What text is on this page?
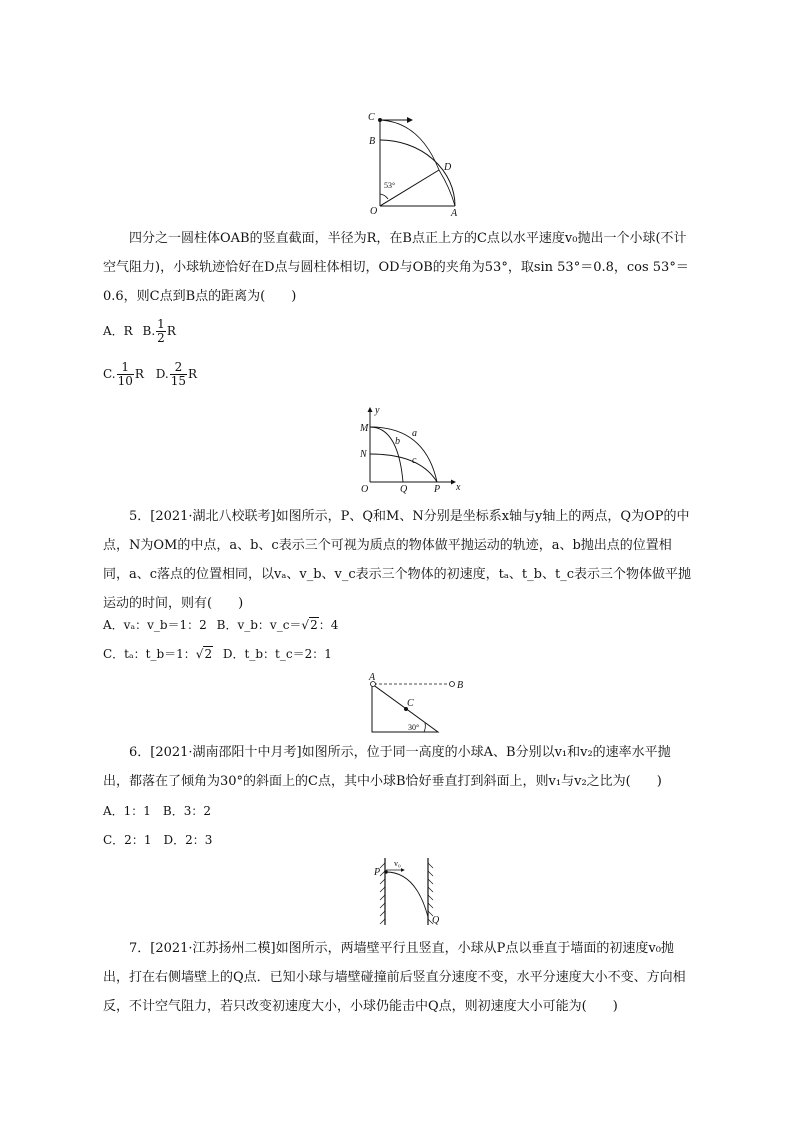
C
B
D
O	A
53°

四分之一圆柱体OAB的竖直截面，半径为R，在B点正上方的C点以水平速度v₀抛出一个小球(不计空气阻力)，小球轨迹恰好在D点与圆柱体相切，OD与OB的夹角为53°，取sin 53°＝0.8，cos 53°＝0.6，则C点到B点的距离为(　　)

A．R B. $\frac{1}{2}$ R
C. $\frac{1}{10}$ R D. $\frac{2}{15}$ R
y
x
M
N
O	Q	P
a
b
c

5．[2021·湖北八校联考]如图所示，P、Q和M、N分别是坐标系x轴与y轴上的两点，Q为OP的中点，N为OM的中点，a、b、c表示三个可视为质点的物体做平抛运动的轨迹，a、b抛出点的位置相同，a、c落点的位置相同，以vₐ、v_b、v_c表示三个物体的初速度，tₐ、t_b、t_c表示三个物体做平抛运动的时间，则有(　　)

A．vₐ：v_b＝1：2 B．v_b：v_c＝√2：4
C．tₐ：t_b＝1：√2 D．t_b：t_c＝2：1
A
B
C
30°

6．[2021·湖南邵阳十中月考]如图所示，位于同一高度的小球A、B分别以v₁和v₂的速率水平抛出，都落在了倾角为30°的斜面上的C点，其中小球B恰好垂直打到斜面上，则v₁与v₂之比为(　　)

A．1：1　B．3：2
C．2：1　D．2：3
P
v₀
Q

7．[2021·江苏扬州二模]如图所示，两墙壁平行且竖直，小球从P点以垂直于墙面的初速度v₀抛出，打在右侧墙壁上的Q点．已知小球与墙壁碰撞前后竖直分速度不变，水平分速度大小不变、方向相反，不计空气阻力，若只改变初速度大小，小球仍能击中Q点，则初速度大小可能为(　　)
